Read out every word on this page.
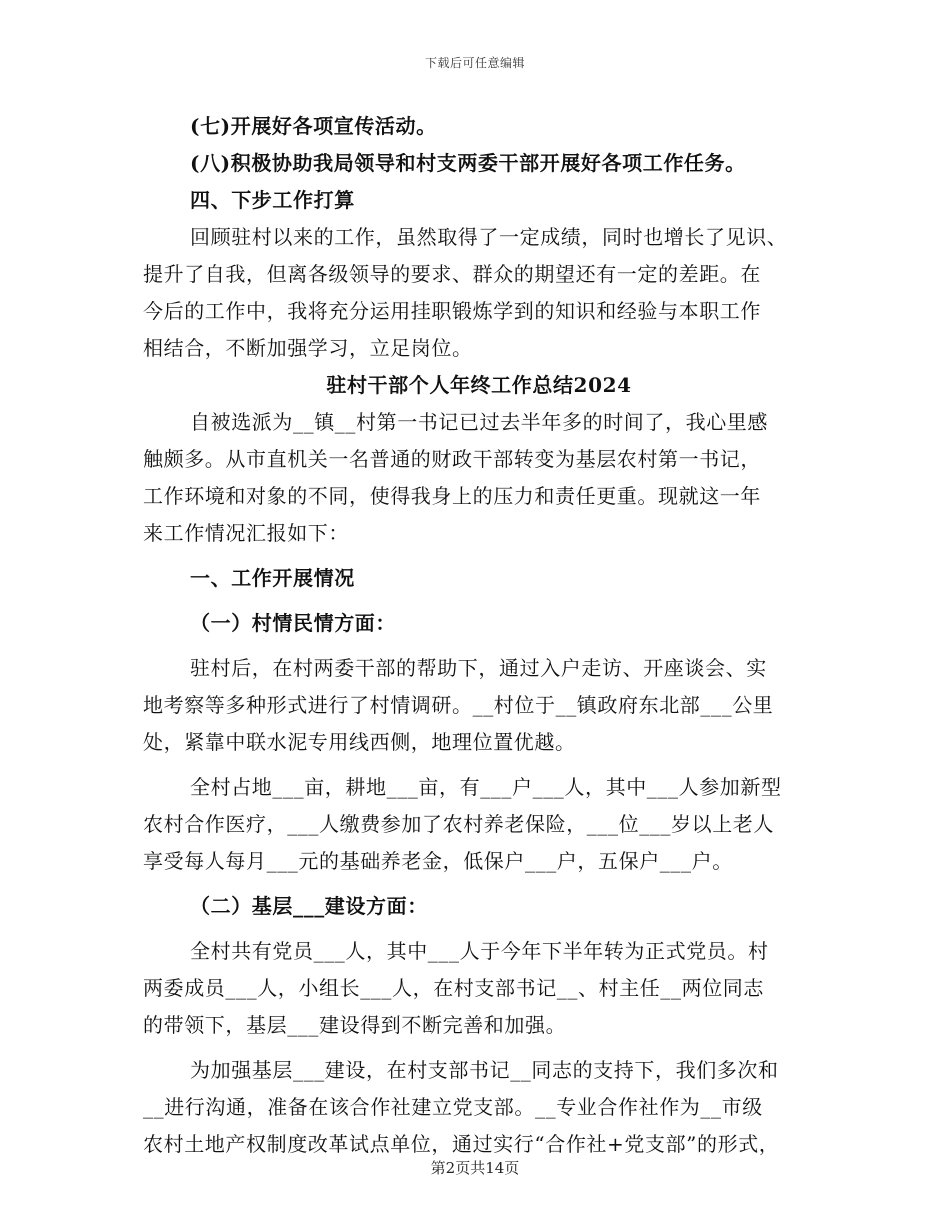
下载后可任意编辑
(七)开展好各项宣传活动。
(八)积极协助我局领导和村支两委干部开展好各项工作任务。
四、下步工作打算
回顾驻村以来的工作，虽然取得了一定成绩，同时也增长了见识、
提升了自我，但离各级领导的要求、群众的期望还有一定的差距。在
今后的工作中，我将充分运用挂职锻炼学到的知识和经验与本职工作
相结合，不断加强学习，立足岗位。
驻村干部个人年终工作总结2024
自被选派为__镇__村第一书记已过去半年多的时间了，我心里感
触颇多。从市直机关一名普通的财政干部转变为基层农村第一书记，
工作环境和对象的不同，使得我身上的压力和责任更重。现就这一年
来工作情况汇报如下：
一、工作开展情况
（一）村情民情方面：
驻村后，在村两委干部的帮助下，通过入户走访、开座谈会、实
地考察等多种形式进行了村情调研。__村位于__镇政府东北部___公里
处，紧靠中联水泥专用线西侧，地理位置优越。
全村占地___亩，耕地___亩，有___户___人，其中___人参加新型
农村合作医疗，___人缴费参加了农村养老保险，___位___岁以上老人
享受每人每月___元的基础养老金，低保户___户，五保户___户。
（二）基层___建设方面：
全村共有党员___人，其中___人于今年下半年转为正式党员。村
两委成员___人，小组长___人，在村支部书记__、村主任__两位同志
的带领下，基层___建设得到不断完善和加强。
为加强基层___建设，在村支部书记__同志的支持下，我们多次和
__进行沟通，准备在该合作社建立党支部。__专业合作社作为__市级
农村土地产权制度改革试点单位，通过实行“合作社+党支部”的形式，
第2页共14页
